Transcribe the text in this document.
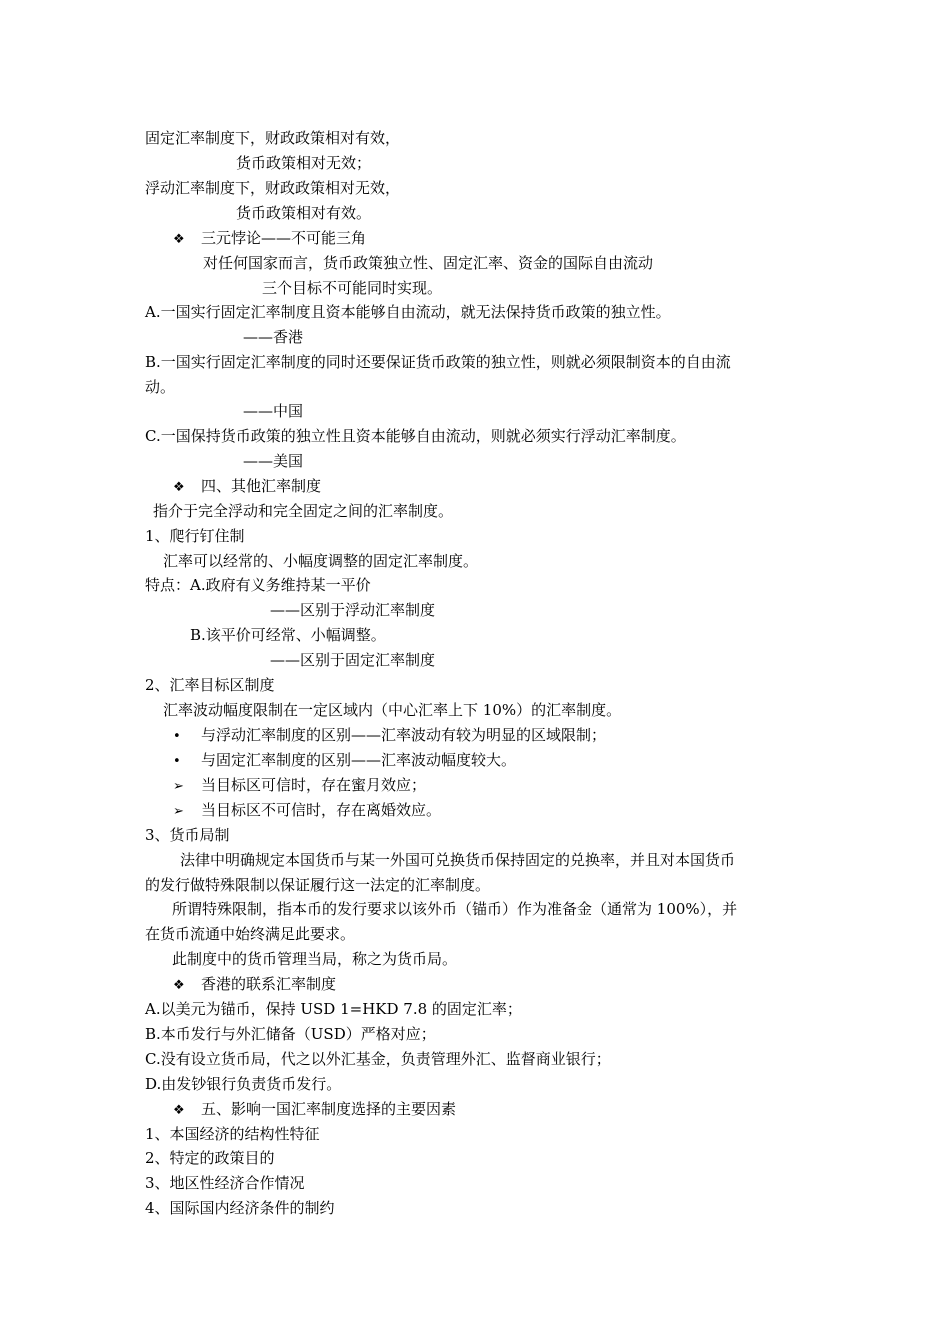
固定汇率制度下，财政政策相对有效，
货币政策相对无效；
浮动汇率制度下，财政政策相对无效，
货币政策相对有效。
❖ 三元悖论——不可能三角
对任何国家而言，货币政策独立性、固定汇率、资金的国际自由流动
三个目标不可能同时实现。
A.一国实行固定汇率制度且资本能够自由流动，就无法保持货币政策的独立性。
——香港
B.一国实行固定汇率制度的同时还要保证货币政策的独立性，则就必须限制资本的自由流
动。
——中国
C.一国保持货币政策的独立性且资本能够自由流动，则就必须实行浮动汇率制度。
——美国
❖ 四、其他汇率制度
指介于完全浮动和完全固定之间的汇率制度。
1、爬行钉住制
汇率可以经常的、小幅度调整的固定汇率制度。
特点：A.政府有义务维持某一平价
——区别于浮动汇率制度
B.该平价可经常、小幅调整。
——区别于固定汇率制度
2、汇率目标区制度
汇率波动幅度限制在一定区域内（中心汇率上下 10%）的汇率制度。
• 与浮动汇率制度的区别——汇率波动有较为明显的区域限制；
• 与固定汇率制度的区别——汇率波动幅度较大。
➢ 当目标区可信时，存在蜜月效应；
➢ 当目标区不可信时，存在离婚效应。
3、货币局制
法律中明确规定本国货币与某一外国可兑换货币保持固定的兑换率，并且对本国货币
的发行做特殊限制以保证履行这一法定的汇率制度。
所谓特殊限制，指本币的发行要求以该外币（锚币）作为准备金（通常为 100%），并
在货币流通中始终满足此要求。
此制度中的货币管理当局，称之为货币局。
❖ 香港的联系汇率制度
A.以美元为锚币，保持 USD 1=HKD 7.8 的固定汇率；
B.本币发行与外汇储备（USD）严格对应；
C.没有设立货币局，代之以外汇基金，负责管理外汇、监督商业银行；
D.由发钞银行负责货币发行。
❖ 五、影响一国汇率制度选择的主要因素
1、本国经济的结构性特征
2、特定的政策目的
3、地区性经济合作情况
4、国际国内经济条件的制约
